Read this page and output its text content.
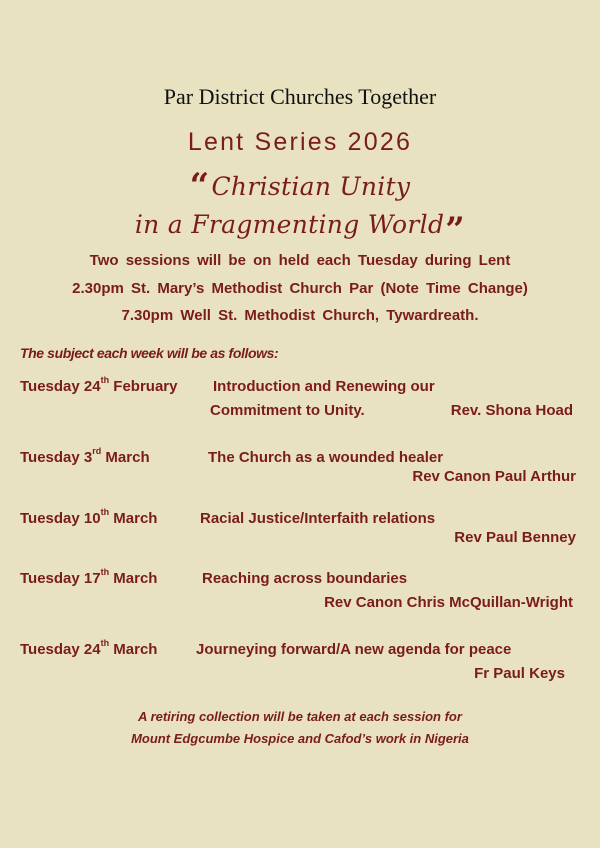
Par District Churches Together
Lent Series 2026
“Christian Unity
in a Fragmenting World”
Two sessions will be on held each Tuesday during Lent
2.30pm St. Mary’s Methodist Church Par (Note Time Change)
7.30pm Well St. Methodist Church, Tywardreath.
The subject each week will be as follows:
Tuesday 24th February Introduction and Renewing our
Commitment to Unity.	Rev. Shona Hoad
Tuesday 3rd March	The Church as a wounded healer
Rev Canon Paul Arthur
Tuesday 10th March	Racial Justice/Interfaith relations
Rev Paul Benney
Tuesday 17th March	Reaching across boundaries
Rev Canon Chris McQuillan-Wright
Tuesday 24th March	Journeying forward/A new agenda for peace
Fr Paul Keys
A retiring collection will be taken at each session for
Mount Edgcumbe Hospice and Cafod’s work in Nigeria
